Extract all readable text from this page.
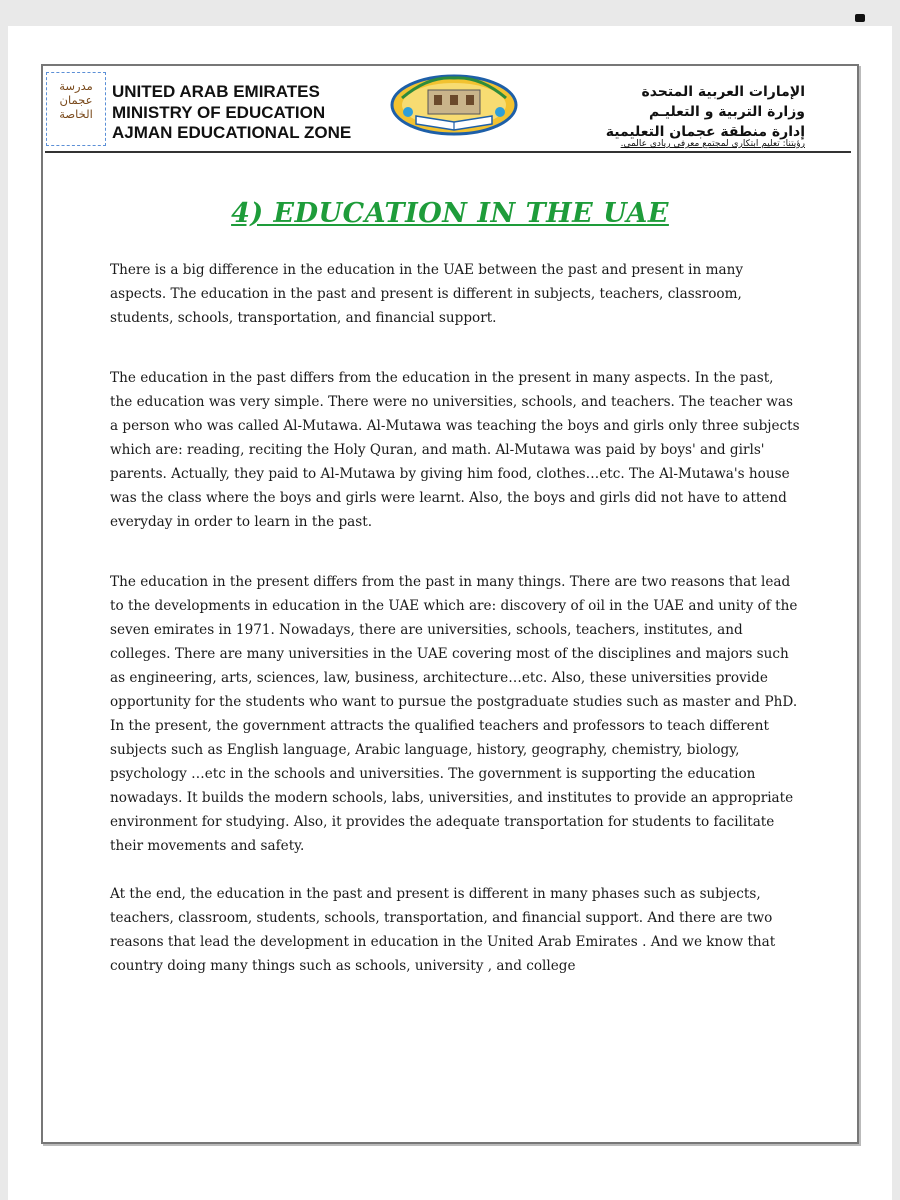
مدرسة
عجمان
الخاصة
UNITED ARAB EMIRATES
MINISTRY OF EDUCATION
AJMAN EDUCATIONAL ZONE
الإمارات العربية المتحدة
وزارة التربية و التعليـم
إدارة منطقة عجمان التعليمية
رؤيتنا: تعليم ابتكاري لمجتمع معرفي ريادي عالمي.
4) EDUCATION IN THE UAE

There is a big difference in the education in the UAE between the past and present in many aspects. The education in the past and present is different in subjects, teachers, classroom, students, schools, transportation, and financial support.

The education in the past differs from the education in the present in many aspects. In the past, the education was very simple. There were no universities, schools, and teachers. The teacher was a person who was called Al-Mutawa. Al-Mutawa was teaching the boys and girls only three subjects which are: reading, reciting the Holy Quran, and math. Al-Mutawa was paid by boys' and girls' parents. Actually, they paid to Al-Mutawa by giving him food, clothes…etc. The Al-Mutawa's house was the class where the boys and girls were learnt. Also, the boys and girls did not have to attend everyday in order to learn in the past.

The education in the present differs from the past in many things. There are two reasons that lead to the developments in education in the UAE which are: discovery of oil in the UAE and unity of the seven emirates in 1971. Nowadays, there are universities, schools, teachers, institutes, and colleges. There are many universities in the UAE covering most of the disciplines and majors such as engineering, arts, sciences, law, business, architecture…etc. Also, these universities provide opportunity for the students who want to pursue the postgraduate studies such as master and PhD. In the present, the government attracts the qualified teachers and professors to teach different subjects such as English language, Arabic language, history, geography, chemistry, biology, psychology …etc in the schools and universities. The government is supporting the education nowadays. It builds the modern schools, labs, universities, and institutes to provide an appropriate environment for studying. Also, it provides the adequate transportation for students to facilitate their movements and safety.

At the end, the education in the past and present is different in many phases such as subjects, teachers, classroom, students, schools, transportation, and financial support. And there are two reasons that lead the development in education in the United Arab Emirates . And we know that country doing many things such as schools, university , and college
